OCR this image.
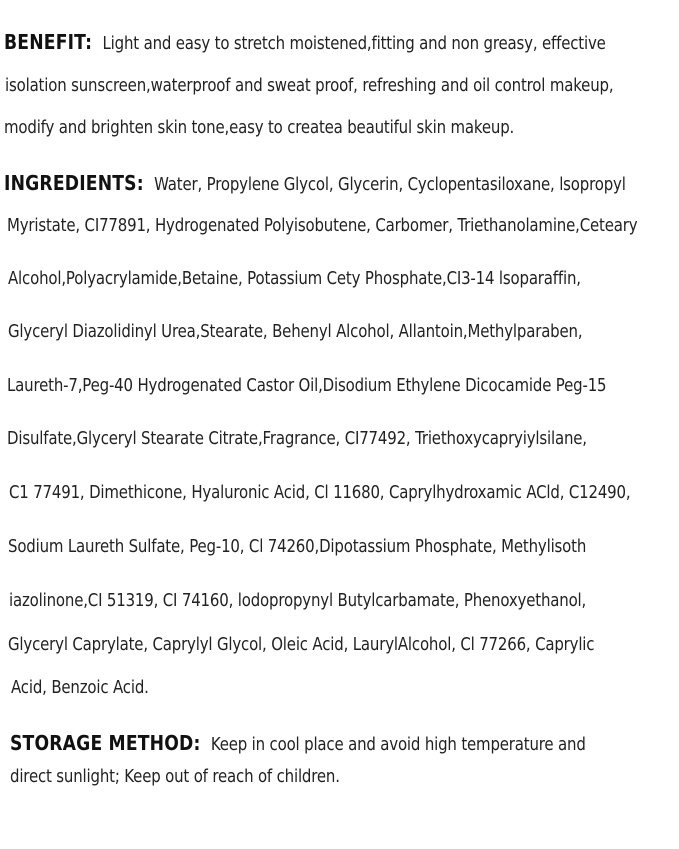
BENEFIT: Light and easy to stretch moistened,fitting and non greasy, effective
isolation sunscreen,waterproof and sweat proof, refreshing and oil control makeup,
modify and brighten skin tone,easy to createa beautiful skin makeup.
INGREDIENTS: Water, Propylene Glycol, Glycerin, Cyclopentasiloxane, lsopropyl
Myristate, CI77891, Hydrogenated Polyisobutene, Carbomer, Triethanolamine,Ceteary
Alcohol,Polyacrylamide,Betaine, Potassium Cety Phosphate,CI3-14 lsoparaffin,
Glyceryl Diazolidinyl Urea,Stearate, Behenyl Alcohol, Allantoin,Methylparaben,
Laureth-7,Peg-40 Hydrogenated Castor Oil,Disodium Ethylene Dicocamide Peg-15
Disulfate,Glyceryl Stearate Citrate,Fragrance, CI77492, Triethoxycapryiylsilane,
C1 77491, Dimethicone, Hyaluronic Acid, Cl 11680, Caprylhydroxamic ACld, C12490,
Sodium Laureth Sulfate, Peg-10, Cl 74260,Dipotassium Phosphate, Methylisoth
iazolinone,CI 51319, CI 74160, lodopropynyl Butylcarbamate, Phenoxyethanol,
Glyceryl Caprylate, Caprylyl Glycol, Oleic Acid, LaurylAlcohol, Cl 77266, Caprylic
Acid, Benzoic Acid.
STORAGE METHOD: Keep in cool place and avoid high temperature and
direct sunlight; Keep out of reach of children.
